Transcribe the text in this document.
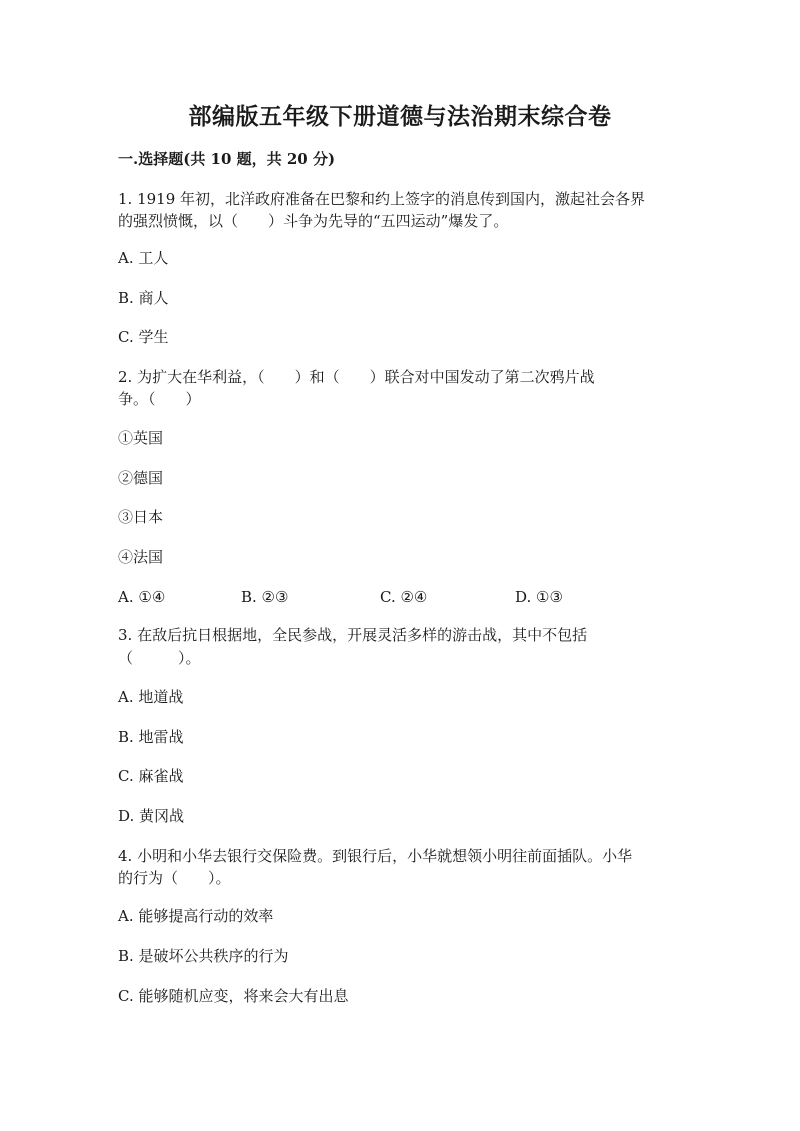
部编版五年级下册道德与法治期末综合卷
一.选择题(共 10 题，共 20 分)
1. 1919 年初，北洋政府准备在巴黎和约上签字的消息传到国内，激起社会各界
的强烈愤慨，以（　　）斗争为先导的“五四运动”爆发了。
A. 工人
B. 商人
C. 学生
2. 为扩大在华利益，（　　）和（　　）联合对中国发动了第二次鸦片战
争。（　　）
①英国
②德国
③日本
④法国
A. ①④	B. ②③	C. ②④	D. ①③
3. 在敌后抗日根据地，全民参战，开展灵活多样的游击战，其中不包括
（　　　）。
A. 地道战
B. 地雷战
C. 麻雀战
D. 黄冈战
4. 小明和小华去银行交保险费。到银行后，小华就想领小明往前面插队。小华
的行为（　　）。
A. 能够提高行动的效率
B. 是破坏公共秩序的行为
C. 能够随机应变，将来会大有出息
